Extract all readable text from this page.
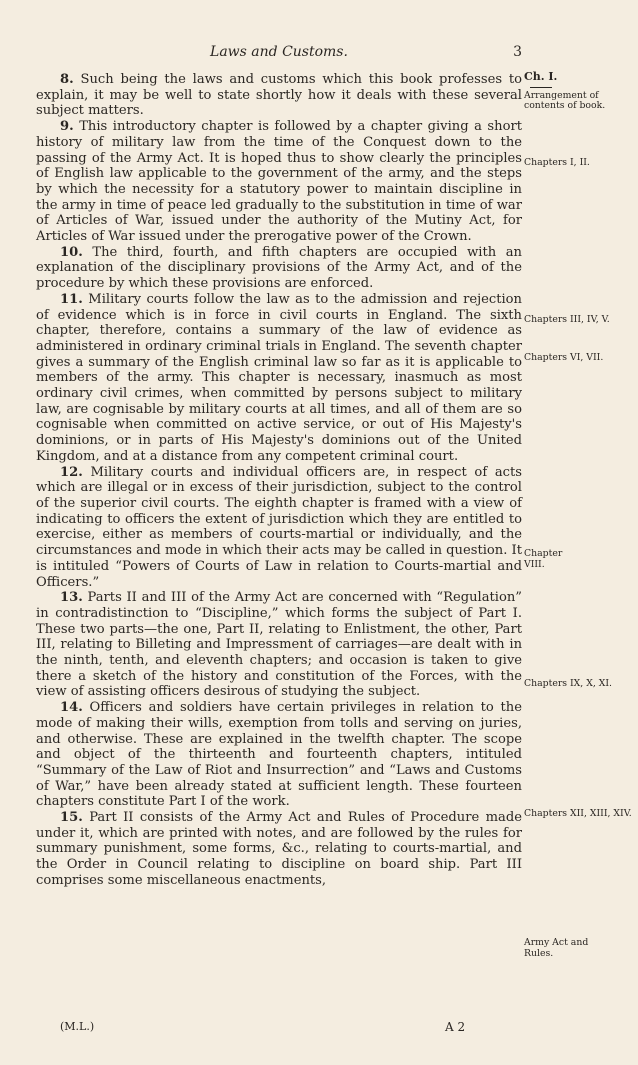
Laws and Customs.	3

8. Such being the laws and customs which this book professes to explain, it may be well to state shortly how it deals with these several subject matters.

9. This introductory chapter is followed by a chapter giving a short history of military law from the time of the Conquest down to the passing of the Army Act. It is hoped thus to show clearly the principles of English law applicable to the government of the army, and the steps by which the necessity for a statutory power to maintain discipline in the army in time of peace led gradually to the substitution in time of war of Articles of War, issued under the authority of the Mutiny Act, for Articles of War issued under the prerogative power of the Crown.

10. The third, fourth, and fifth chapters are occupied with an explanation of the disciplinary provisions of the Army Act, and of the procedure by which these provisions are enforced.

11. Military courts follow the law as to the admission and rejection of evidence which is in force in civil courts in England. The sixth chapter, therefore, contains a summary of the law of evidence as administered in ordinary criminal trials in England. The seventh chapter gives a summary of the English criminal law so far as it is applicable to members of the army. This chapter is necessary, inasmuch as most ordinary civil crimes, when committed by persons subject to military law, are cognisable by military courts at all times, and all of them are so cognisable when committed on active service, or out of His Majesty's dominions, or in parts of His Majesty's dominions out of the United Kingdom, and at a distance from any competent criminal court.

12. Military courts and individual officers are, in respect of acts which are illegal or in excess of their jurisdiction, subject to the control of the superior civil courts. The eighth chapter is framed with a view of indicating to officers the extent of jurisdiction which they are entitled to exercise, either as members of courts-martial or individually, and the circumstances and mode in which their acts may be called in question. It is intituled “Powers of Courts of Law in relation to Courts-martial and Officers.”

13. Parts II and III of the Army Act are concerned with “Regulation” in contradistinction to “Discipline,” which forms the subject of Part I. These two parts—the one, Part II, relating to Enlistment, the other, Part III, relating to Billeting and Impressment of carriages—are dealt with in the ninth, tenth, and eleventh chapters; and occasion is taken to give there a sketch of the history and constitution of the Forces, with the view of assisting officers desirous of studying the subject.

14. Officers and soldiers have certain privileges in relation to the mode of making their wills, exemption from tolls and serving on juries, and otherwise. These are explained in the twelfth chapter. The scope and object of the thirteenth and fourteenth chapters, intituled “Summary of the Law of Riot and Insurrection” and “Laws and Customs of War,” have been already stated at sufficient length. These fourteen chapters constitute Part I of the work.

15. Part II consists of the Army Act and Rules of Procedure made under it, which are printed with notes, and are followed by the rules for summary punishment, some forms, &c., relating to courts-martial, and the Order in Council relating to discipline on board ship. Part III comprises some miscellaneous enactments,

Ch. I.
Arrangement of contents of book.
Chapters I, II.
Chapters III, IV, V.
Chapters VI, VII.
Chapter VIII.
Chapters IX, X, XI.
Chapters XII, XIII, XIV.
Army Act and Rules.
(M.L.)	A 2
